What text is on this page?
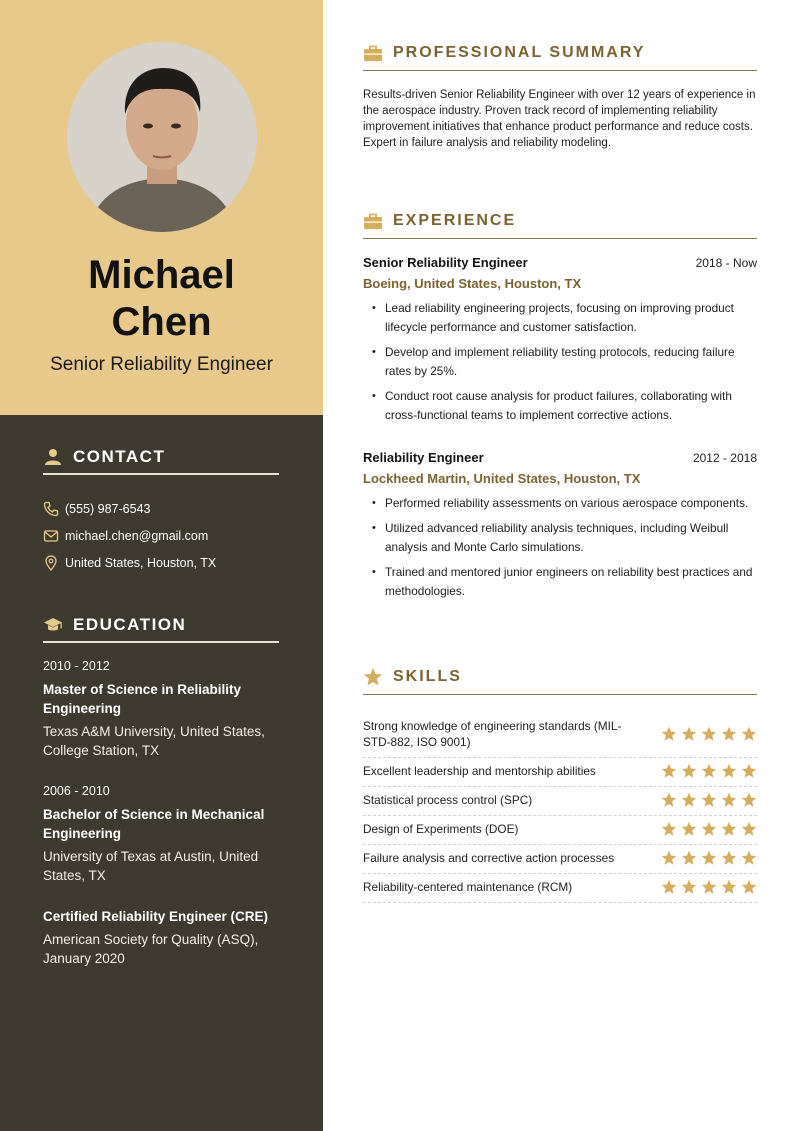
Michael
Chen
Senior Reliability Engineer
CONTACT
(555) 987-6543
michael.chen@gmail.com
United States, Houston, TX
EDUCATION
2010 - 2012
Master of Science in Reliability Engineering
Texas A&M University, United States, College Station, TX
2006 - 2010
Bachelor of Science in Mechanical Engineering
University of Texas at Austin, United States, TX
Certified Reliability Engineer (CRE)
American Society for Quality (ASQ), January 2020
PROFESSIONAL SUMMARY
Results-driven Senior Reliability Engineer with over 12 years of experience in the aerospace industry. Proven track record of implementing reliability improvement initiatives that enhance product performance and reduce costs. Expert in failure analysis and reliability modeling.
EXPERIENCE
Senior Reliability Engineer	2018 - Now
Boeing, United States, Houston, TX
• Lead reliability engineering projects, focusing on improving product lifecycle performance and customer satisfaction.
• Develop and implement reliability testing protocols, reducing failure rates by 25%.
• Conduct root cause analysis for product failures, collaborating with cross-functional teams to implement corrective actions.
Reliability Engineer	2012 - 2018
Lockheed Martin, United States, Houston, TX
• Performed reliability assessments on various aerospace components.
• Utilized advanced reliability analysis techniques, including Weibull analysis and Monte Carlo simulations.
• Trained and mentored junior engineers on reliability best practices and methodologies.
SKILLS
Strong knowledge of engineering standards (MIL-STD-882, ISO 9001)
Excellent leadership and mentorship abilities
Statistical process control (SPC)
Design of Experiments (DOE)
Failure analysis and corrective action processes
Reliability-centered maintenance (RCM)
